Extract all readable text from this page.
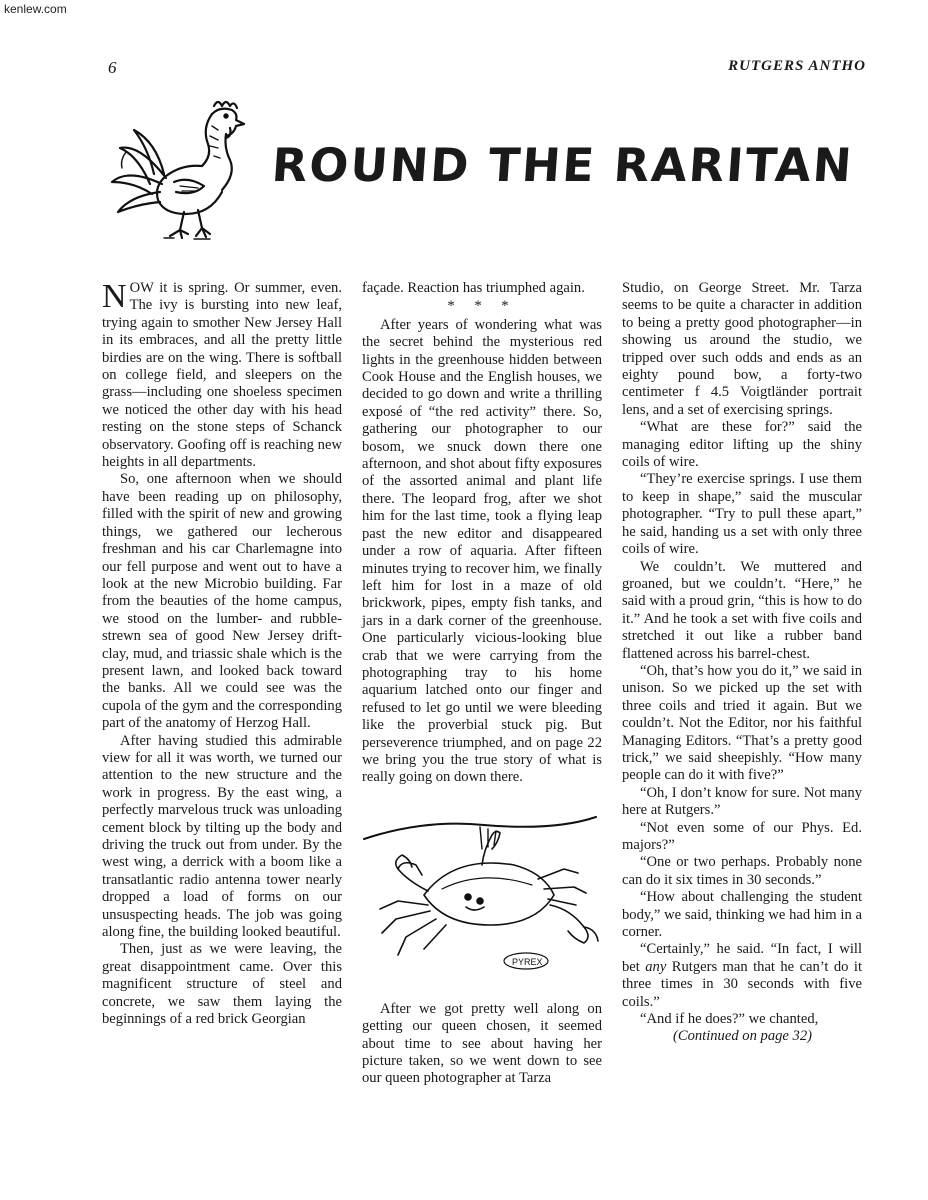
kenlew.com
6	RUTGERS ANTHO
ROUND THE RARITAN

NOW it is spring. Or summer, even. The ivy is bursting into new leaf, trying again to smother New Jersey Hall in its embraces, and all the pretty little birdies are on the wing. There is softball on college field, and sleepers on the grass—including one shoeless specimen we noticed the other day with his head resting on the stone steps of Schanck observatory. Goofing off is reaching new heights in all departments.

So, one afternoon when we should have been reading up on philosophy, filled with the spirit of new and growing things, we gathered our lecherous freshman and his car Charlemagne into our fell purpose and went out to have a look at the new Microbio building. Far from the beauties of the home campus, we stood on the lumber- and rubble-strewn sea of good New Jersey drift-clay, mud, and triassic shale which is the present lawn, and looked back toward the banks. All we could see was the cupola of the gym and the corresponding part of the anatomy of Herzog Hall.

After having studied this admirable view for all it was worth, we turned our attention to the new structure and the work in progress. By the east wing, a perfectly marvelous truck was unloading cement block by tilting up the body and driving the truck out from under. By the west wing, a derrick with a boom like a transatlantic radio antenna tower nearly dropped a load of forms on our unsuspecting heads. The job was going along fine, the building looked beautiful.

Then, just as we were leaving, the great disappointment came. Over this magnificent structure of steel and concrete, we saw them laying the beginnings of a red brick Georgian

façade. Reaction has triumphed again.

* * *

After years of wondering what was the secret behind the mysterious red lights in the greenhouse hidden between Cook House and the English houses, we decided to go down and write a thrilling exposé of “the red activity” there. So, gathering our photographer to our bosom, we snuck down there one afternoon, and shot about fifty exposures of the assorted animal and plant life there. The leopard frog, after we shot him for the last time, took a flying leap past the new editor and disappeared under a row of aquaria. After fifteen minutes trying to recover him, we finally left him for lost in a maze of old brickwork, pipes, empty fish tanks, and jars in a dark corner of the greenhouse. One particularly vicious-looking blue crab that we were carrying from the photographing tray to his home aquarium latched onto our finger and refused to let go until we were bleeding like the proverbial stuck pig. But perseverence triumphed, and on page 22 we bring you the true story of what is really going on down there.

PYREX

After we got pretty well along on getting our queen chosen, it seemed about time to see about having her picture taken, so we went down to see our queen photographer at Tarza

Studio, on George Street. Mr. Tarza seems to be quite a character in addition to being a pretty good photographer—in showing us around the studio, we tripped over such odds and ends as an eighty pound bow, a forty-two centimeter f 4.5 Voigtländer portrait lens, and a set of exercising springs.

“What are these for?” said the managing editor lifting up the shiny coils of wire.

“They’re exercise springs. I use them to keep in shape,” said the muscular photographer. “Try to pull these apart,” he said, handing us a set with only three coils of wire.

We couldn’t. We muttered and groaned, but we couldn’t. “Here,” he said with a proud grin, “this is how to do it.” And he took a set with five coils and stretched it out like a rubber band flattened across his barrel-chest.

“Oh, that’s how you do it,” we said in unison. So we picked up the set with three coils and tried it again. But we couldn’t. Not the Editor, nor his faithful Managing Editors. “That’s a pretty good trick,” we said sheepishly. “How many people can do it with five?”

“Oh, I don’t know for sure. Not many here at Rutgers.”

“Not even some of our Phys. Ed. majors?”

“One or two perhaps. Probably none can do it six times in 30 seconds.”

“How about challenging the student body,” we said, thinking we had him in a corner.

“Certainly,” he said. “In fact, I will bet any Rutgers man that he can’t do it three times in 30 seconds with five coils.”

“And if he does?” we chanted,

(Continued on page 32)
